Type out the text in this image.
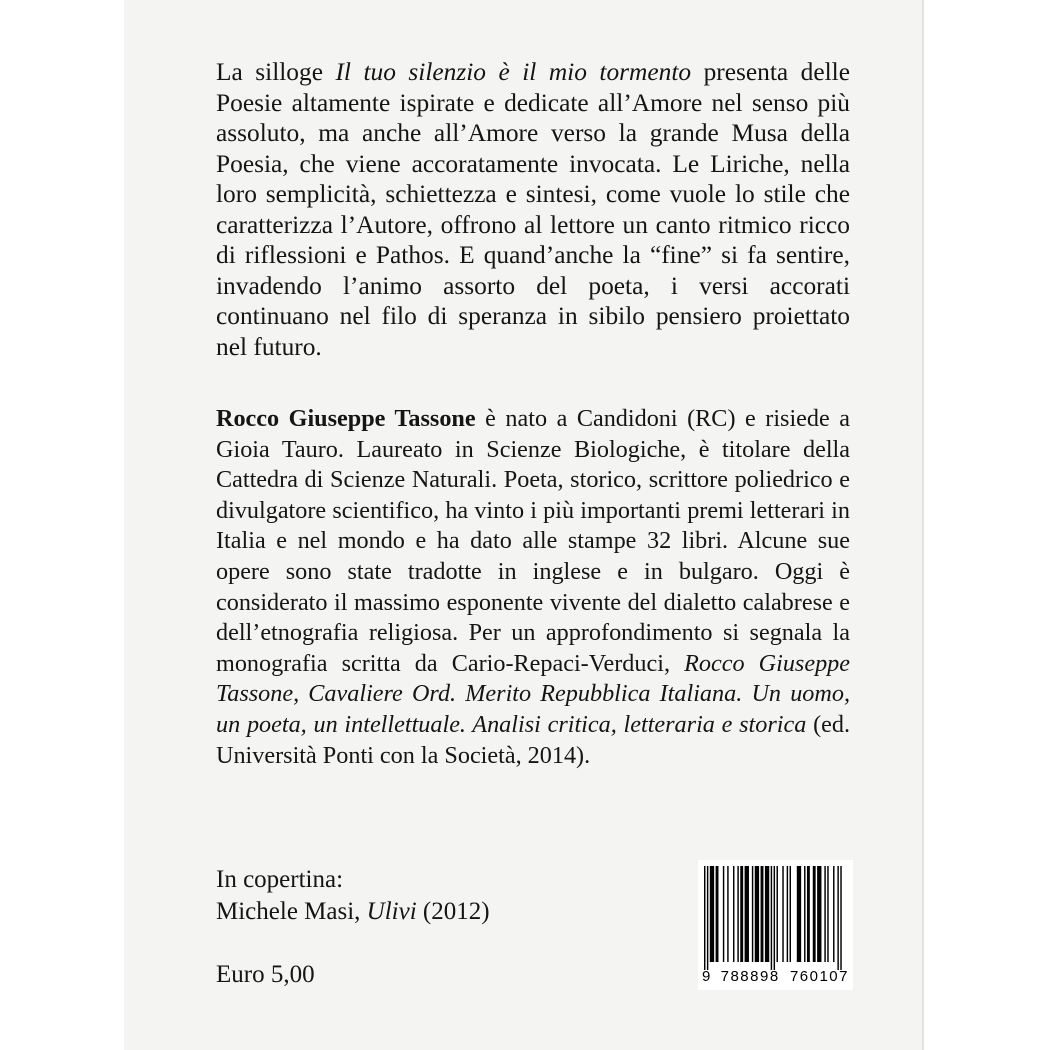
La silloge Il tuo silenzio è il mio tormento presenta delle Poesie altamente ispirate e dedicate all’Amore nel senso più assoluto, ma anche all’Amore verso la grande Musa della Poesia, che viene accoratamente invocata. Le Liriche, nella loro semplicità, schiettezza e sintesi, come vuole lo stile che caratterizza l’Autore, offrono al lettore un canto ritmico ricco di riflessioni e Pathos. E quand’anche la “fine” si fa sentire, invadendo l’animo assorto del poeta, i versi accorati continuano nel filo di speranza in sibilo pensiero proiettato nel futuro.

Rocco Giuseppe Tassone è nato a Candidoni (RC) e risiede a Gioia Tauro. Laureato in Scienze Biologiche, è titolare della Cattedra di Scienze Naturali. Poeta, storico, scrittore poliedrico e divulgatore scientifico, ha vinto i più importanti premi letterari in Italia e nel mondo e ha dato alle stampe 32 libri. Alcune sue opere sono state tradotte in inglese e in bulgaro. Oggi è considerato il massimo esponente vivente del dialetto calabrese e dell’etnografia religiosa. Per un approfondimento si segnala la monografia scritta da Cario-Repaci-Verduci, Rocco Giuseppe Tassone, Cavaliere Ord. Merito Repubblica Italiana. Un uomo, un poeta, un intellettuale. Analisi critica, letteraria e storica (ed. Università Ponti con la Società, 2014).

In copertina:
Michele Masi, Ulivi (2012)

Euro 5,00	9 788898 760107
